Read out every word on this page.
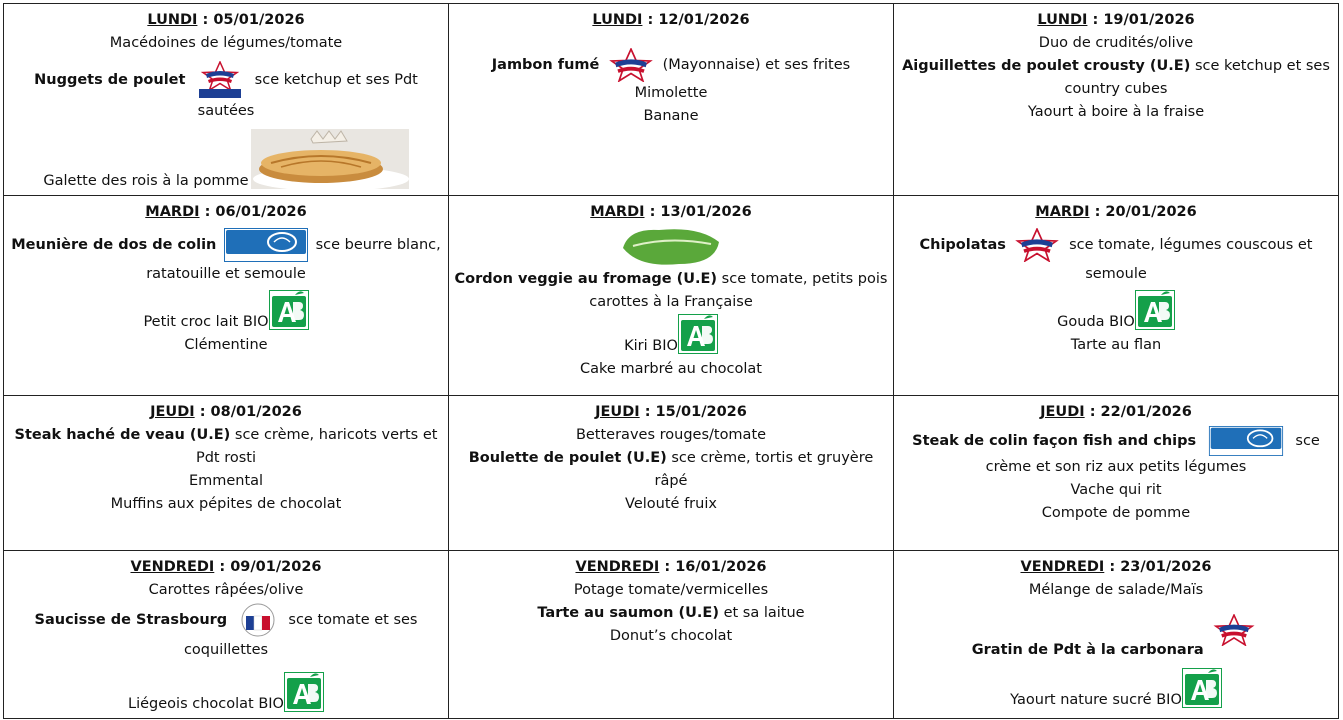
LUNDI : 05/01/2026
Macédoines de légumes/tomate
Nuggets de poulet sce ketchup et ses Pdt sautées
Galette des rois à la pomme	LUNDI : 12/01/2026
Jambon fumé (Mayonnaise) et ses frites
Mimolette
Banane	LUNDI : 19/01/2026
Duo de crudités/olive
Aiguillettes de poulet crousty (U.E) sce ketchup et ses country cubes
Yaourt à boire à la fraise

MARDI : 06/01/2026
Meunière de dos de colin sce beurre blanc, ratatouille et semoule
Petit croc lait BIO
Clémentine	MARDI : 13/01/2026
Cordon veggie au fromage (U.E) sce tomate, petits pois carottes à la Française
Kiri BIO
Cake marbré au chocolat	MARDI : 20/01/2026
Chipolatas sce tomate, légumes couscous et semoule
Gouda BIO
Tarte au flan

JEUDI : 08/01/2026
Steak haché de veau (U.E) sce crème, haricots verts et Pdt rosti
Emmental
Muffins aux pépites de chocolat	JEUDI : 15/01/2026
Betteraves rouges/tomate
Boulette de poulet (U.E) sce crème, tortis et gruyère râpé
Velouté fruix	JEUDI : 22/01/2026
Steak de colin façon fish and chips sce crème et son riz aux petits légumes
Vache qui rit
Compote de pomme

VENDREDI : 09/01/2026
Carottes râpées/olive
Saucisse de Strasbourg sce tomate et ses coquillettes
Liégeois chocolat BIO	VENDREDI : 16/01/2026
Potage tomate/vermicelles
Tarte au saumon (U.E) et sa laitue
Donut’s chocolat	VENDREDI : 23/01/2026
Mélange de salade/Maïs
Gratin de Pdt à la carbonara
Yaourt nature sucré BIO
